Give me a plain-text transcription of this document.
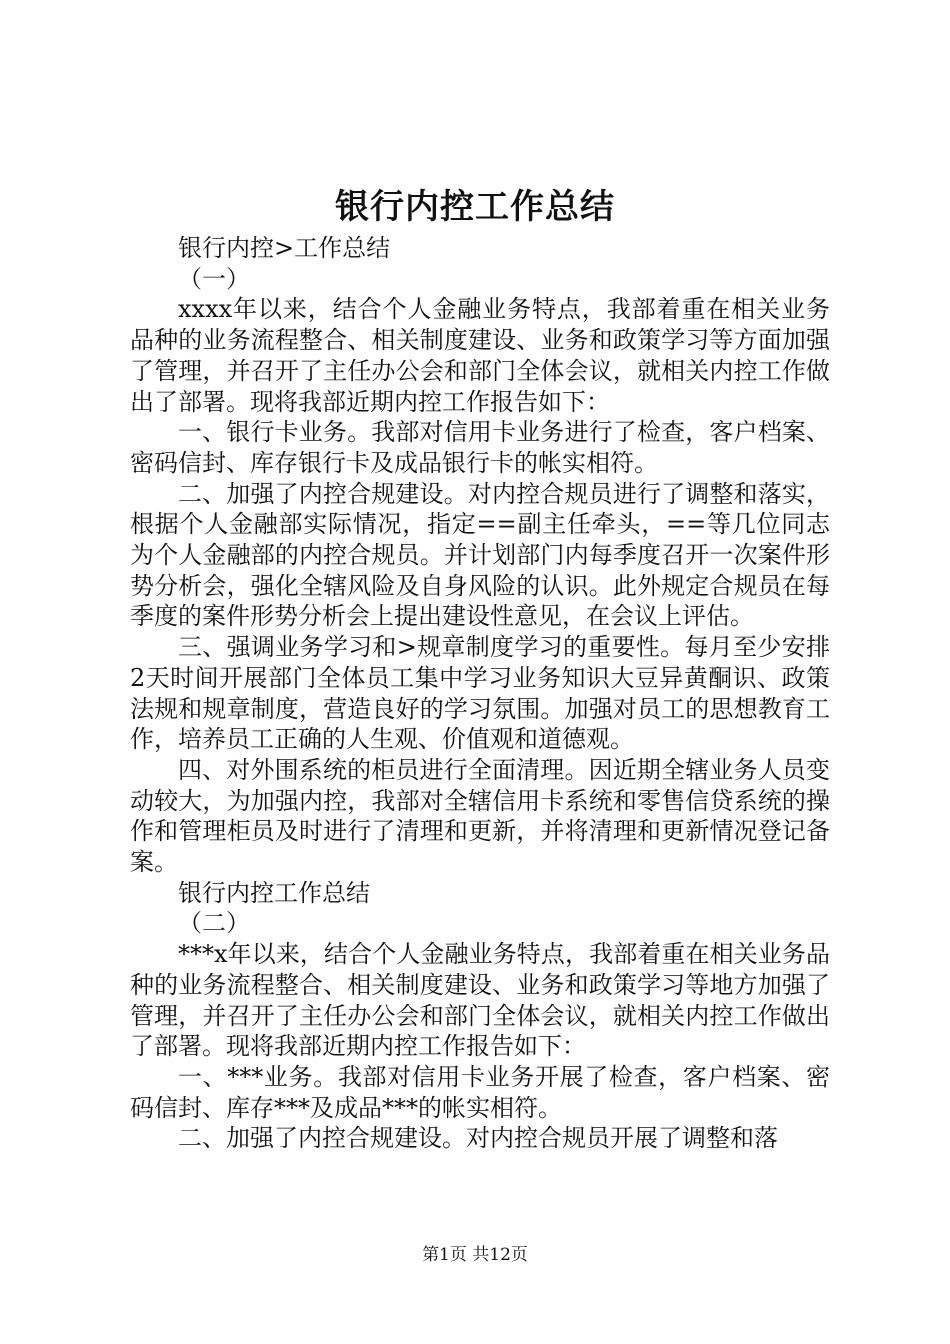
银行内控工作总结

银行内控>工作总结

（一）

xxxx年以来，结合个人金融业务特点，我部着重在相关业务品种的业务流程整合、相关制度建设、业务和政策学习等方面加强了管理，并召开了主任办公会和部门全体会议，就相关内控工作做出了部署。现将我部近期内控工作报告如下：

一、银行卡业务。我部对信用卡业务进行了检查，客户档案、密码信封、库存银行卡及成品银行卡的帐实相符。

二、加强了内控合规建设。对内控合规员进行了调整和落实，根据个人金融部实际情况，指定==副主任牵头，==等几位同志为个人金融部的内控合规员。并计划部门内每季度召开一次案件形势分析会，强化全辖风险及自身风险的认识。此外规定合规员在每季度的案件形势分析会上提出建设性意见，在会议上评估。

三、强调业务学习和>规章制度学习的重要性。每月至少安排2天时间开展部门全体员工集中学习业务知识大豆异黄酮识、政策法规和规章制度，营造良好的学习氛围。加强对员工的思想教育工作，培养员工正确的人生观、价值观和道德观。

四、对外围系统的柜员进行全面清理。因近期全辖业务人员变动较大，为加强内控，我部对全辖信用卡系统和零售信贷系统的操作和管理柜员及时进行了清理和更新，并将清理和更新情况登记备案。

银行内控工作总结

（二）

***x年以来，结合个人金融业务特点，我部着重在相关业务品种的业务流程整合、相关制度建设、业务和政策学习等地方加强了管理，并召开了主任办公会和部门全体会议，就相关内控工作做出了部署。现将我部近期内控工作报告如下：

一、***业务。我部对信用卡业务开展了检查，客户档案、密码信封、库存***及成品***的帐实相符。

二、加强了内控合规建设。对内控合规员开展了调整和落

第1页 共12页
